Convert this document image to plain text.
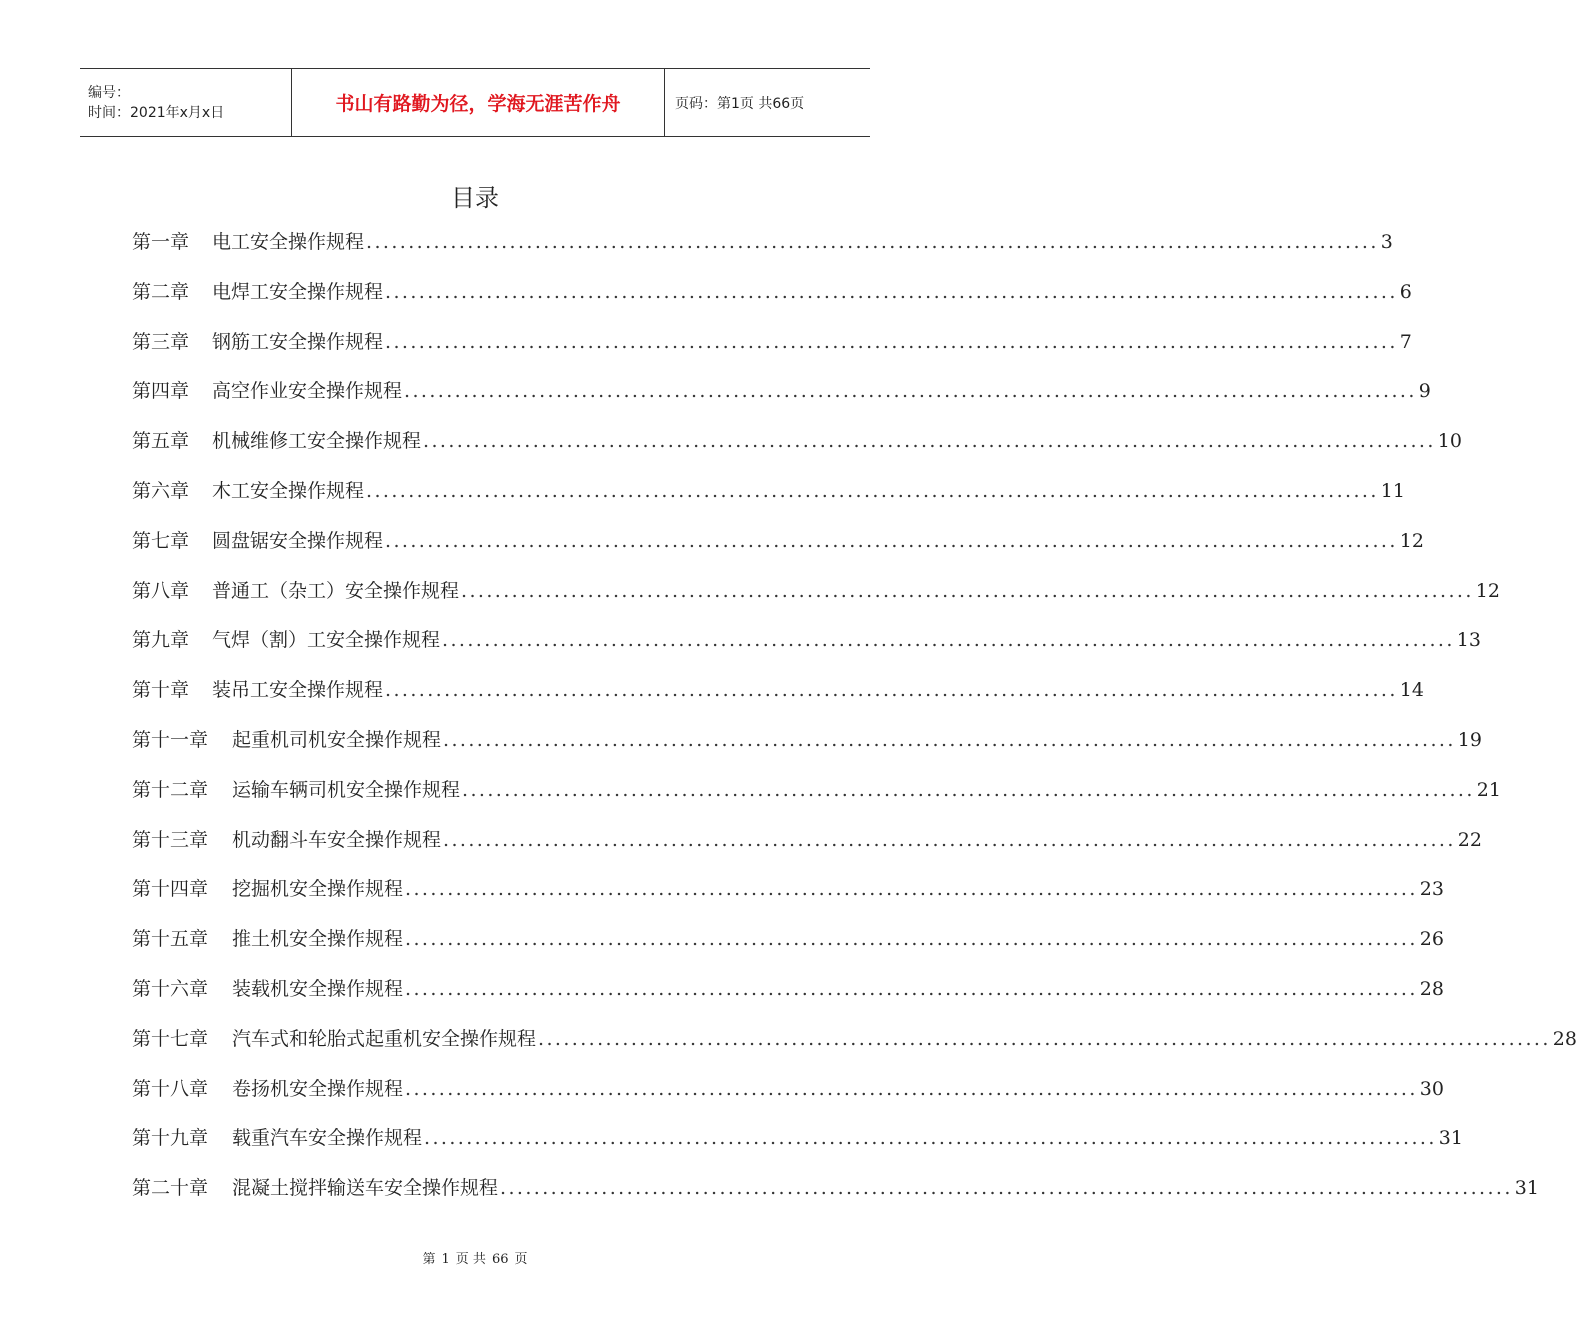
编号：
时间：2021年x月x日	书山有路勤为径，学海无涯苦作舟	页码：第1页 共66页
目录
第一章 电工安全操作规程 ........................................................................................................................ 3
第二章 电焊工安全操作规程 ........................................................................................................................ 6
第三章 钢筋工安全操作规程 ........................................................................................................................ 7
第四章 高空作业安全操作规程 ........................................................................................................................ 9
第五章 机械维修工安全操作规程 ........................................................................................................................ 10
第六章 木工安全操作规程 ........................................................................................................................ 11
第七章 圆盘锯安全操作规程 ........................................................................................................................ 12
第八章 普通工（杂工）安全操作规程 ........................................................................................................................ 12
第九章 气焊（割）工安全操作规程 ........................................................................................................................ 13
第十章 装吊工安全操作规程 ........................................................................................................................ 14
第十一章 起重机司机安全操作规程 ........................................................................................................................ 19
第十二章 运输车辆司机安全操作规程 ........................................................................................................................ 21
第十三章 机动翻斗车安全操作规程 ........................................................................................................................ 22
第十四章 挖掘机安全操作规程 ........................................................................................................................ 23
第十五章 推土机安全操作规程 ........................................................................................................................ 26
第十六章 装载机安全操作规程 ........................................................................................................................ 28
第十七章 汽车式和轮胎式起重机安全操作规程 ........................................................................................................................ 28
第十八章 卷扬机安全操作规程 ........................................................................................................................ 30
第十九章 载重汽车安全操作规程 ........................................................................................................................ 31
第二十章 混凝土搅拌输送车安全操作规程 ........................................................................................................................ 31
第 1 页 共 66 页
